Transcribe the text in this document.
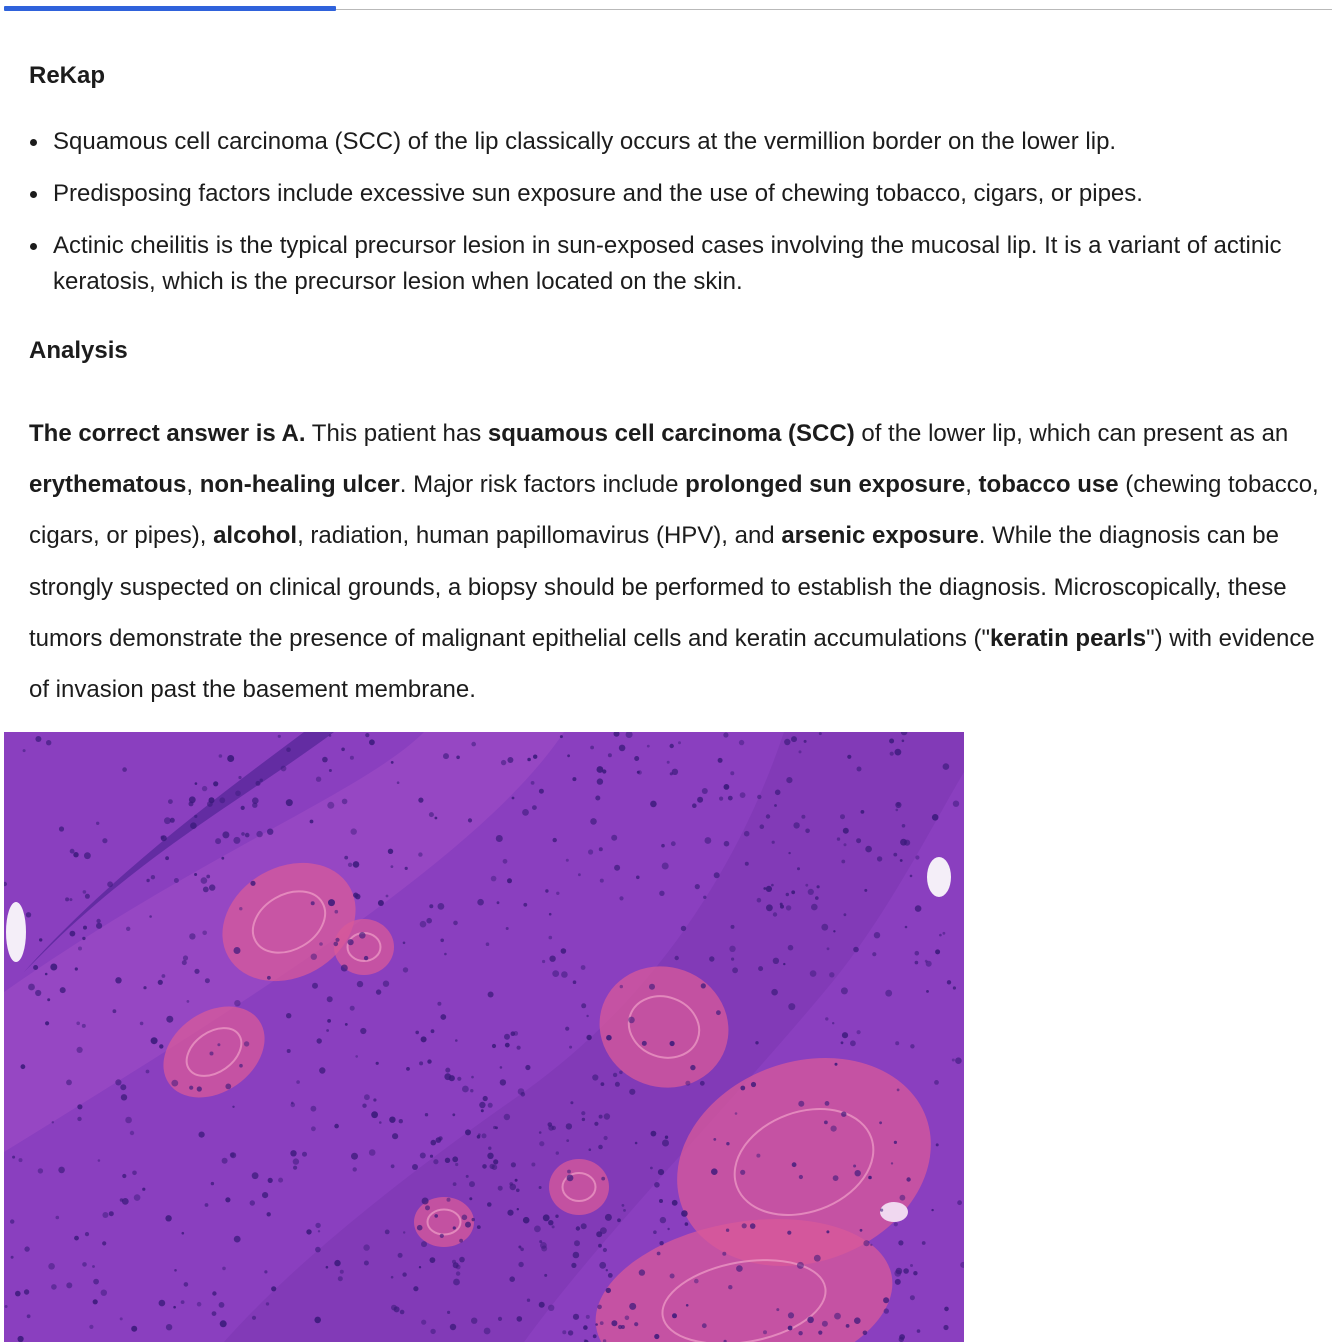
ReKap
Squamous cell carcinoma (SCC) of the lip classically occurs at the vermillion border on the lower lip.
Predisposing factors include excessive sun exposure and the use of chewing tobacco, cigars, or pipes.
Actinic cheilitis is the typical precursor lesion in sun-exposed cases involving the mucosal lip. It is a variant of actinic keratosis, which is the precursor lesion when located on the skin.
Analysis

The correct answer is A. This patient has squamous cell carcinoma (SCC) of the lower lip, which can present as an erythematous, non-healing ulcer. Major risk factors include prolonged sun exposure, tobacco use (chewing tobacco, cigars, or pipes), alcohol, radiation, human papillomavirus (HPV), and arsenic exposure. While the diagnosis can be strongly suspected on clinical grounds, a biopsy should be performed to establish the diagnosis. Microscopically, these tumors demonstrate the presence of malignant epithelial cells and keratin accumulations ("keratin pearls") with evidence of invasion past the basement membrane.
